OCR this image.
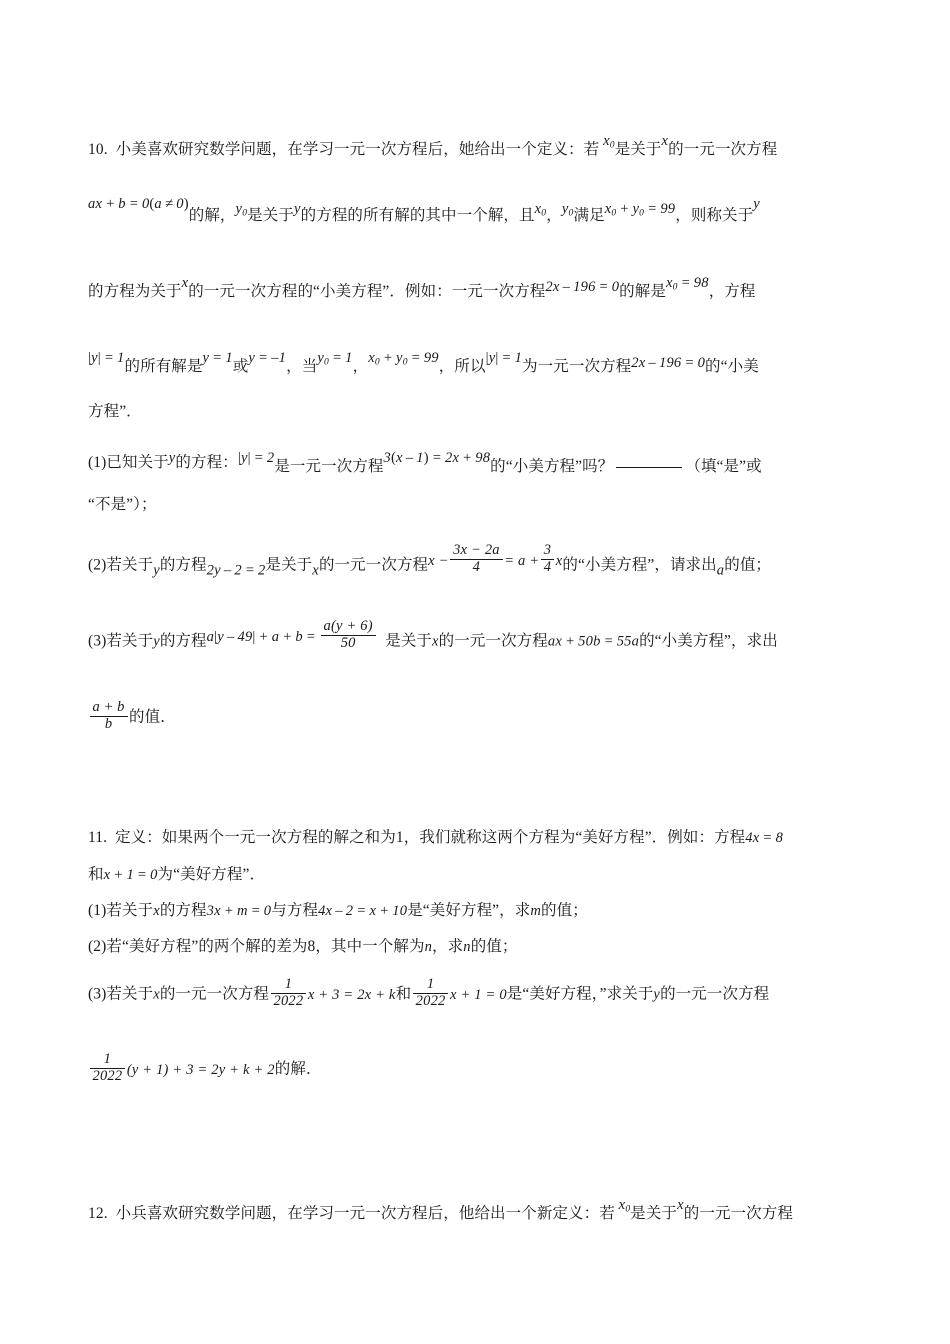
10. 小美喜欢研究数学问题，在学习一元一次方程后，她给出一个定义：若 $x_0$是关于x的一元一次方程
ax + b = 0(a ≠ 0)的解，$y_0$是关于y的方程的所有解的其中一个解，且$x_0$，$y_0$满足$x_0 + y_0 = 99$，则称关于y
的方程为关于x的一元一次方程的“小美方程”．例如：一元一次方程2x – 196 = 0的解是$x_0 = 98$，方程
|y| = 1的所有解是y = 1或y = –1，当$y_0 = 1$，$x_0 + y_0 = 99$，所以|y| = 1为一元一次方程2x – 196 = 0的“小美
方程”．
(1)已知关于y的方程：|y| = 2是一元一次方程3(x – 1) = 2x + 98的“小美方程”吗？	（填“是”或
“不是”）；
(2)若关于y的方程2y – 2 = 2是关于x的一元一次方程$x - \frac{3x - 2a}{4} = a + \frac{3}{4}$ x的“小美方程”，请求出a的值；
(3)若关于y的方程$a|y - 49| + a + b = \frac{a(y + 6)}{50}$ 是关于x的一元一次方程ax + 50b = 55a的“小美方程”，求出
$\frac{a + b}{b}$ 的值．
11. 定义：如果两个一元一次方程的解之和为1，我们就称这两个方程为“美好方程”．例如：方程4x = 8
和x + 1 = 0为“美好方程”．
(1)若关于x的方程3x + m = 0与方程4x – 2 = x + 10是“美好方程”，求m的值；
(2)若“美好方程”的两个解的差为8，其中一个解为n，求n的值；
(3)若关于x的一元一次方程 $\frac{1}{2022}$ x + 3 = 2x + k和 $\frac{1}{2022}$ x + 1 = 0是“美好方程，”求关于y的一元一次方程
$\frac{1}{2022} (y + 1) + 3 = 2y + k + 2$的解．
12. 小兵喜欢研究数学问题，在学习一元一次方程后，他给出一个新定义：若 $x_0$是关于x的一元一次方程
